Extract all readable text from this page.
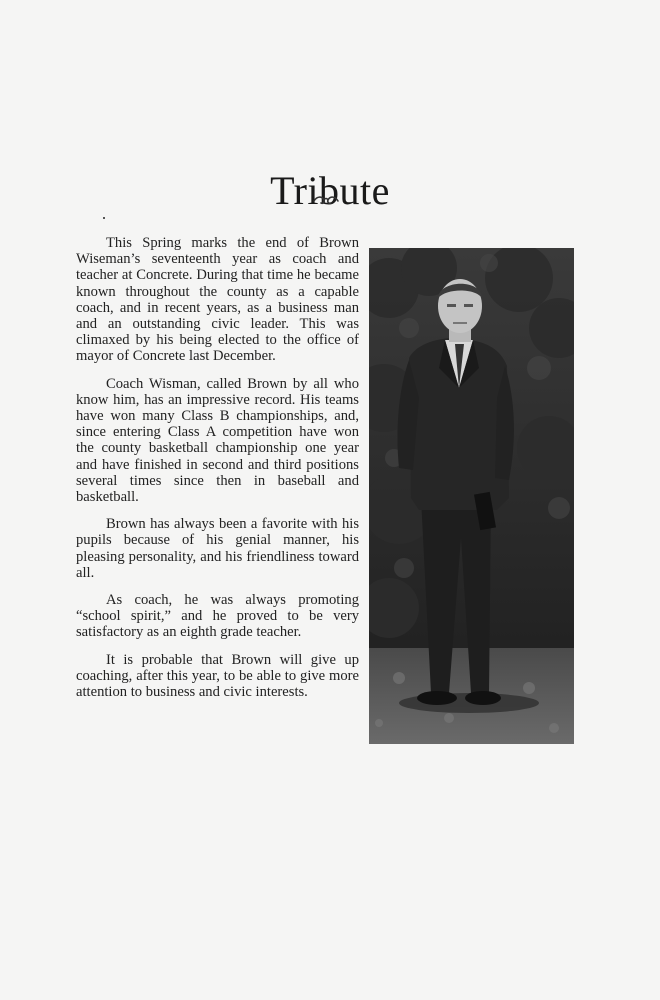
Tribute

This Spring marks the end of Brown Wiseman’s seventeenth year as coach and teacher at Concrete. During that time he became known throughout the county as a capable coach, and in recent years, as a business man and an outstanding civic leader. This was climaxed by his being elected to the office of mayor of Concrete last December.

Coach Wisman, called Brown by all who know him, has an impressive record. His teams have won many Class B championships, and, since entering Class A competition have won the county basketball championship one year and have finished in second and third positions several times since then in baseball and basketball.

Brown has always been a favorite with his pupils because of his genial manner, his pleasing personality, and his friendliness toward all.

As coach, he was always promoting “school spirit,” and he proved to be very satisfactory as an eighth grade teacher.

It is probable that Brown will give up coaching, after this year, to be able to give more attention to business and civic interests.
